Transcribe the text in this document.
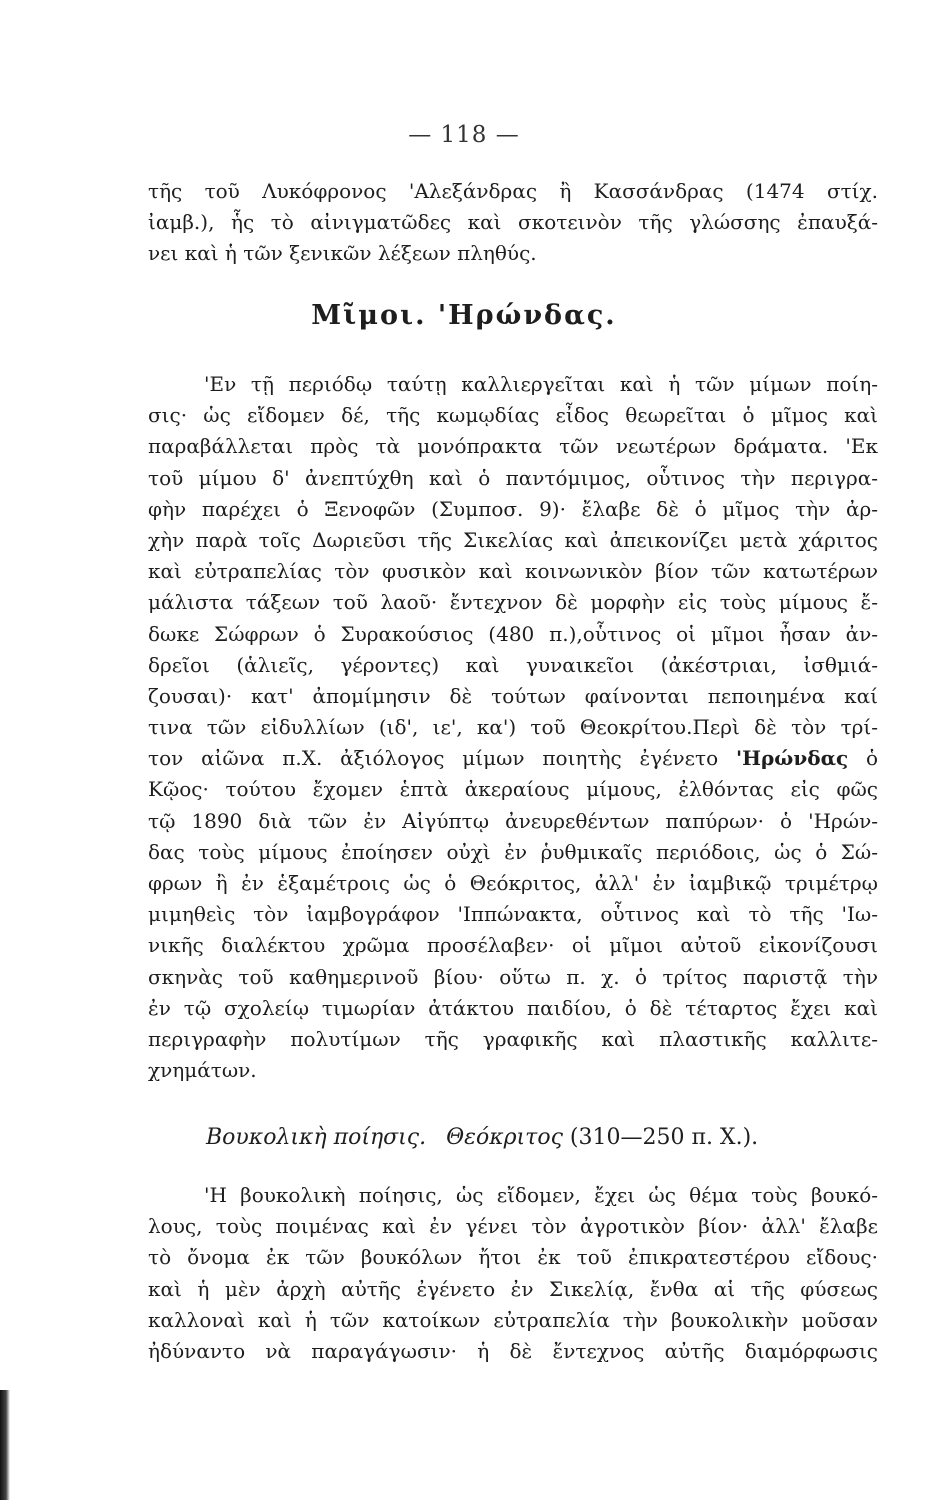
— 118 —
τῆς τοῦ Λυκόφρονος 'Αλεξάνδρας ἢ Κασσάνδρας (1474 στίχ.
ἰαμβ.), ἧς τὸ αἰνιγματῶδες καὶ σκοτεινὸν τῆς γλώσσης ἐπαυξά-
νει καὶ ἡ τῶν ξενικῶν λέξεων πληθύς.
Μῖμοι. 'Ηρώνδας.
'Εν τῇ περιόδῳ ταύτῃ καλλιεργεῖται καὶ ἡ τῶν μίμων ποίη-
σις· ὡς εἴδομεν δέ, τῆς κωμῳδίας εἶδος θεωρεῖται ὁ μῖμος καὶ
παραβάλλεται πρὸς τὰ μονόπρακτα τῶν νεωτέρων δράματα. 'Εκ
τοῦ μίμου δ' ἀνεπτύχθη καὶ ὁ παντόμιμος, οὗτινος τὴν περιγρα-
φὴν παρέχει ὁ Ξενοφῶν (Συμποσ. 9)· ἔλαβε δὲ ὁ μῖμος τὴν ἀρ-
χὴν παρὰ τοῖς Δωριεῦσι τῆς Σικελίας καὶ ἀπεικονίζει μετὰ χάριτος
καὶ εὐτραπελίας τὸν φυσικὸν καὶ κοινωνικὸν βίον τῶν κατωτέρων
μάλιστα τάξεων τοῦ λαοῦ· ἔντεχνον δὲ μορφὴν εἰς τοὺς μίμους ἔ-
δωκε Σώφρων ὁ Συρακούσιος (480 π.),οὗτινος οἱ μῖμοι ἦσαν ἀν-
δρεῖοι (ἁλιεῖς, γέροντες) καὶ γυναικεῖοι (ἀκέστριαι, ἰσθμιά-
ζουσαι)· κατ' ἀπομίμησιν δὲ τούτων φαίνονται πεποιημένα καί
τινα τῶν εἰδυλλίων (ιδ', ιε', κα') τοῦ Θεοκρίτου.Περὶ δὲ τὸν τρί-
τον αἰῶνα π.Χ. ἀξιόλογος μίμων ποιητὴς ἐγένετο 'Ηρώνδας ὁ
Κῷος· τούτου ἔχομεν ἑπτὰ ἀκεραίους μίμους, ἐλθόντας εἰς φῶς
τῷ 1890 διὰ τῶν ἐν Αἰγύπτῳ ἀνευρεθέντων παπύρων· ὁ 'Ηρών-
δας τοὺς μίμους ἐποίησεν οὐχὶ ἐν ῥυθμικαῖς περιόδοις, ὡς ὁ Σώ-
φρων ἢ ἐν ἑξαμέτροις ὡς ὁ Θεόκριτος, ἀλλ' ἐν ἰαμβικῷ τριμέτρῳ
μιμηθεὶς τὸν ἰαμβογράφον 'Ιππώνακτα, οὗτινος καὶ τὸ τῆς 'Ιω-
νικῆς διαλέκτου χρῶμα προσέλαβεν· οἱ μῖμοι αὐτοῦ εἰκονίζουσι
σκηνὰς τοῦ καθημερινοῦ βίου· οὕτω π. χ. ὁ τρίτος παριστᾷ τὴν
ἐν τῷ σχολείῳ τιμωρίαν ἀτάκτου παιδίου, ὁ δὲ τέταρτος ἔχει καὶ
περιγραφὴν πολυτίμων τῆς γραφικῆς καὶ πλαστικῆς καλλιτε-
χνημάτων.
Βουκολικὴ ποίησις. Θεόκριτος (310—250 π. Χ.).
'Η βουκολικὴ ποίησις, ὡς εἴδομεν, ἔχει ὡς θέμα τοὺς βουκό-
λους, τοὺς ποιμένας καὶ ἐν γένει τὸν ἀγροτικὸν βίον· ἀλλ' ἔλαβε
τὸ ὄνομα ἐκ τῶν βουκόλων ἤτοι ἐκ τοῦ ἐπικρατεστέρου εἴδους·
καὶ ἡ μὲν ἀρχὴ αὐτῆς ἐγένετο ἐν Σικελίᾳ, ἔνθα αἱ τῆς φύσεως
καλλοναὶ καὶ ἡ τῶν κατοίκων εὐτραπελία τὴν βουκολικὴν μοῦσαν
ἠδύναντο νὰ παραγάγωσιν· ἡ δὲ ἔντεχνος αὐτῆς διαμόρφωσις
